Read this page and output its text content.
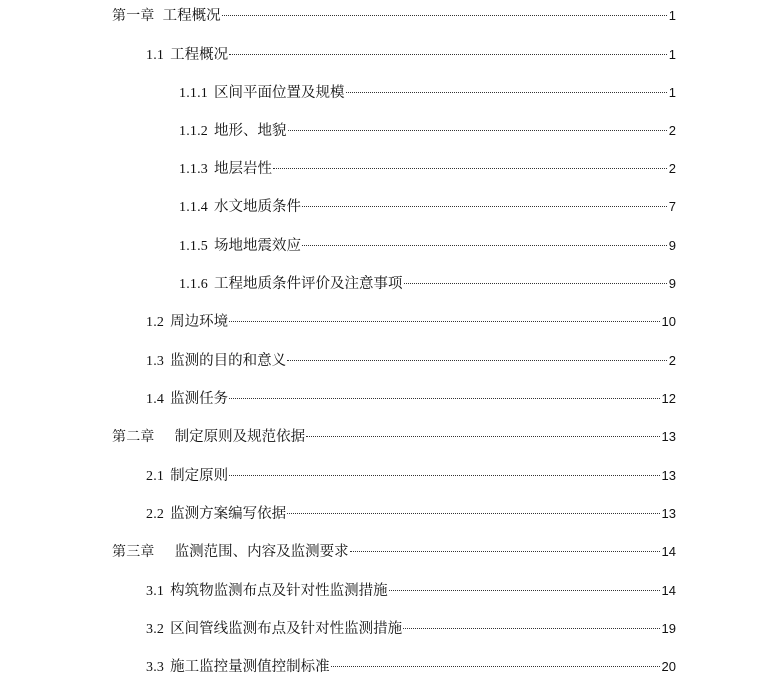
第一章 工程概况	1
1.1 工程概况	1
1.1.1 区间平面位置及规模	1
1.1.2 地形、地貌	2
1.1.3 地层岩性	2
1.1.4 水文地质条件	7
1.1.5 场地地震效应	9
1.1.6 工程地质条件评价及注意事项	9
1.2 周边环境	10
1.3 监测的目的和意义	2
1.4 监测任务	12
第二章 制定原则及规范依据	13
2.1 制定原则	13
2.2 监测方案编写依据	13
第三章 监测范围、内容及监测要求	14
3.1 构筑物监测布点及针对性监测措施	14
3.2 区间管线监测布点及针对性监测措施	19
3.3 施工监控量测值控制标准	20
